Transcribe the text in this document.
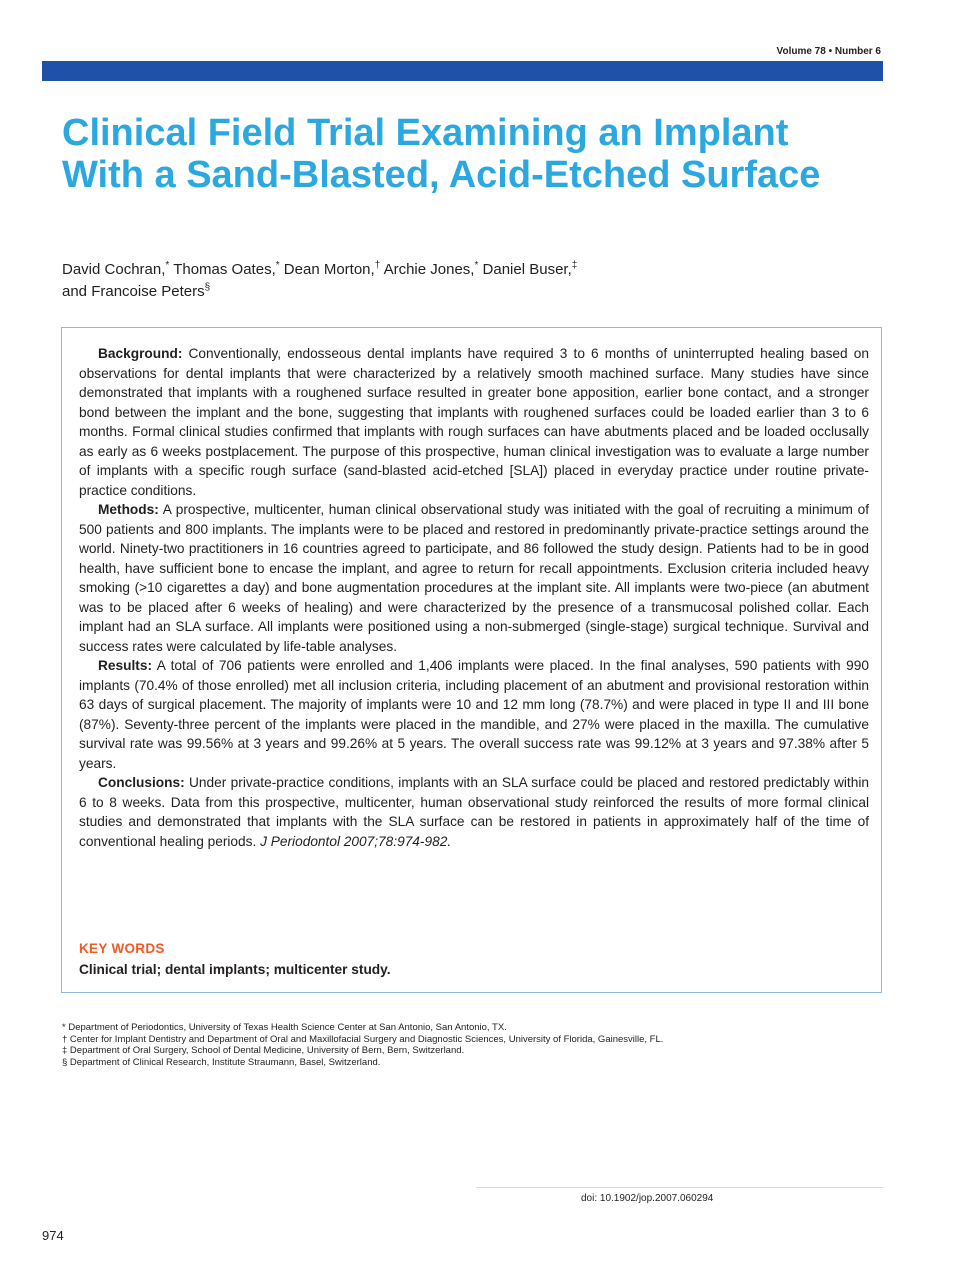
Volume 78 • Number 6
Clinical Field Trial Examining an Implant With a Sand-Blasted, Acid-Etched Surface
David Cochran,* Thomas Oates,* Dean Morton,† Archie Jones,* Daniel Buser,‡
and Francoise Peters§

Background: Conventionally, endosseous dental implants have required 3 to 6 months of uninterrupted healing based on observations for dental implants that were characterized by a relatively smooth machined surface. Many studies have since demonstrated that implants with a roughened surface resulted in greater bone apposition, earlier bone contact, and a stronger bond between the implant and the bone, suggesting that implants with roughened surfaces could be loaded earlier than 3 to 6 months. Formal clinical studies confirmed that implants with rough surfaces can have abutments placed and be loaded occlusally as early as 6 weeks postplacement. The purpose of this prospective, human clinical investigation was to evaluate a large number of implants with a specific rough surface (sand-blasted acid-etched [SLA]) placed in everyday practice under routine private-practice conditions.

Methods: A prospective, multicenter, human clinical observational study was initiated with the goal of recruiting a minimum of 500 patients and 800 implants. The implants were to be placed and restored in predominantly private-practice settings around the world. Ninety-two practitioners in 16 countries agreed to participate, and 86 followed the study design. Patients had to be in good health, have sufficient bone to encase the implant, and agree to return for recall appointments. Exclusion criteria included heavy smoking (>10 cigarettes a day) and bone augmentation procedures at the implant site. All implants were two-piece (an abutment was to be placed after 6 weeks of healing) and were characterized by the presence of a transmucosal polished collar. Each implant had an SLA surface. All implants were positioned using a non-submerged (single-stage) surgical technique. Survival and success rates were calculated by life-table analyses.

Results: A total of 706 patients were enrolled and 1,406 implants were placed. In the final analyses, 590 patients with 990 implants (70.4% of those enrolled) met all inclusion criteria, including placement of an abutment and provisional restoration within 63 days of surgical placement. The majority of implants were 10 and 12 mm long (78.7%) and were placed in type II and III bone (87%). Seventy-three percent of the implants were placed in the mandible, and 27% were placed in the maxilla. The cumulative survival rate was 99.56% at 3 years and 99.26% at 5 years. The overall success rate was 99.12% at 3 years and 97.38% after 5 years.

Conclusions: Under private-practice conditions, implants with an SLA surface could be placed and restored predictably within 6 to 8 weeks. Data from this prospective, multicenter, human observational study reinforced the results of more formal clinical studies and demonstrated that implants with the SLA surface can be restored in patients in approximately half of the time of conventional healing periods. J Periodontol 2007;78:974-982.

KEY WORDS
Clinical trial; dental implants; multicenter study.
* Department of Periodontics, University of Texas Health Science Center at San Antonio, San Antonio, TX.
† Center for Implant Dentistry and Department of Oral and Maxillofacial Surgery and Diagnostic Sciences, University of Florida, Gainesville, FL.
‡ Department of Oral Surgery, School of Dental Medicine, University of Bern, Bern, Switzerland.
§ Department of Clinical Research, Institute Straumann, Basel, Switzerland.
doi: 10.1902/jop.2007.060294
974
